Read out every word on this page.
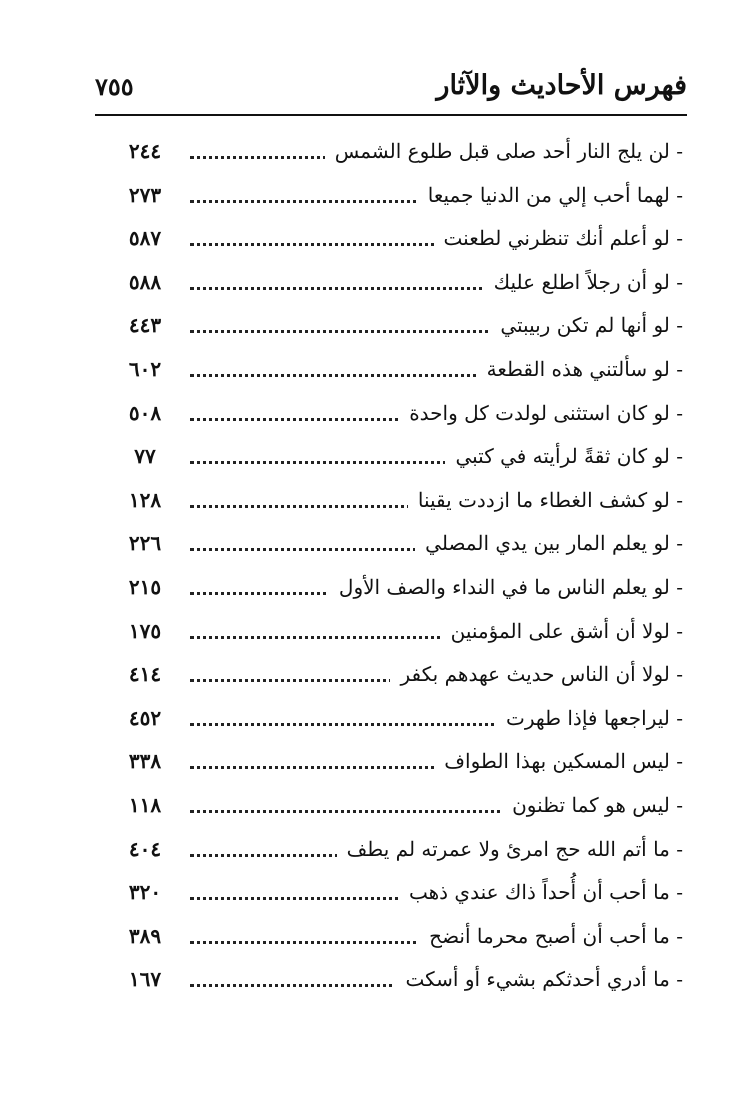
فهرس الأحاديث والآثار
٧٥٥
- لن يلج النار أحد صلى قبل طلوع الشمس
٢٤٤
- لهما أحب إلي من الدنيا جميعا
٢٧٣
- لو أعلم أنك تنظرني لطعنت
٥٨٧
- لو أن رجلاً اطلع عليك
٥٨٨
- لو أنها لم تكن ربيبتي
٤٤٣
- لو سألتني هذه القطعة
٦٠٢
- لو كان استثنى لولدت كل واحدة
٥٠٨
- لو كان ثقةً لرأيته في كتبي
٧٧
- لو كشف الغطاء ما ازددت يقينا
١٢٨
- لو يعلم المار بين يدي المصلي
٢٢٦
- لو يعلم الناس ما في النداء والصف الأول
٢١٥
- لولا أن أشق على المؤمنين
١٧٥
- لولا أن الناس حديث عهدهم بكفر
٤١٤
- ليراجعها فإذا طهرت
٤٥٢
- ليس المسكين بهذا الطواف
٣٣٨
- ليس هو كما تظنون
١١٨
- ما أتم الله حج امرئ ولا عمرته لم يطف
٤٠٤
- ما أحب أن أُحداً ذاك عندي ذهب
٣٢٠
- ما أحب أن أصبح محرما أنضح
٣٨٩
- ما أدري أحدثكم بشيء أو أسكت
١٦٧
